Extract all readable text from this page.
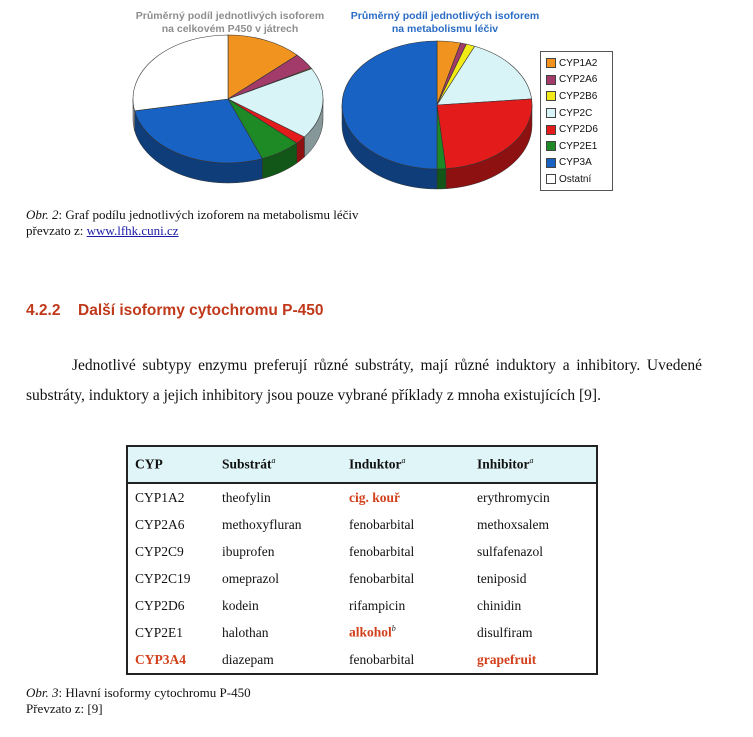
Průměrný podíl jednotlivých isoforem
na celkovém P450 v játrech
Průměrný podíl jednotlivých isoforem
na metabolismu léčiv
CYP1A2
CYP2A6
CYP2B6
CYP2C
CYP2D6
CYP2E1
CYP3A
Ostatní
Obr. 2: Graf podílu jednotlivých izoforem na metabolismu léčiv
převzato z: www.lfhk.cuni.cz
4.2.2 Další isoformy cytochromu P-450

Jednotlivé subtypy enzymu preferují různé substráty, mají různé induktory a inhibitory. Uvedené substráty, induktory a jejich inhibitory jsou pouze vybrané příklady z mnoha existujících [9].

CYP	Substrát$^a$	Induktor$^a$	Inhibitor$^a$
CYP1A2	theofylin	cig. kouř	erythromycin
CYP2A6	methoxyfluran	fenobarbital	methoxsalem
CYP2C9	ibuprofen	fenobarbital	sulfafenazol
CYP2C19	omeprazol	fenobarbital	teniposid
CYP2D6	kodein	rifampicin	chinidin
CYP2E1	halothan	alkohol$^b$	disulfiram
CYP3A4	diazepam	fenobarbital	grapefruit
Obr. 3: Hlavní isoformy cytochromu P-450
Převzato z: [9]
